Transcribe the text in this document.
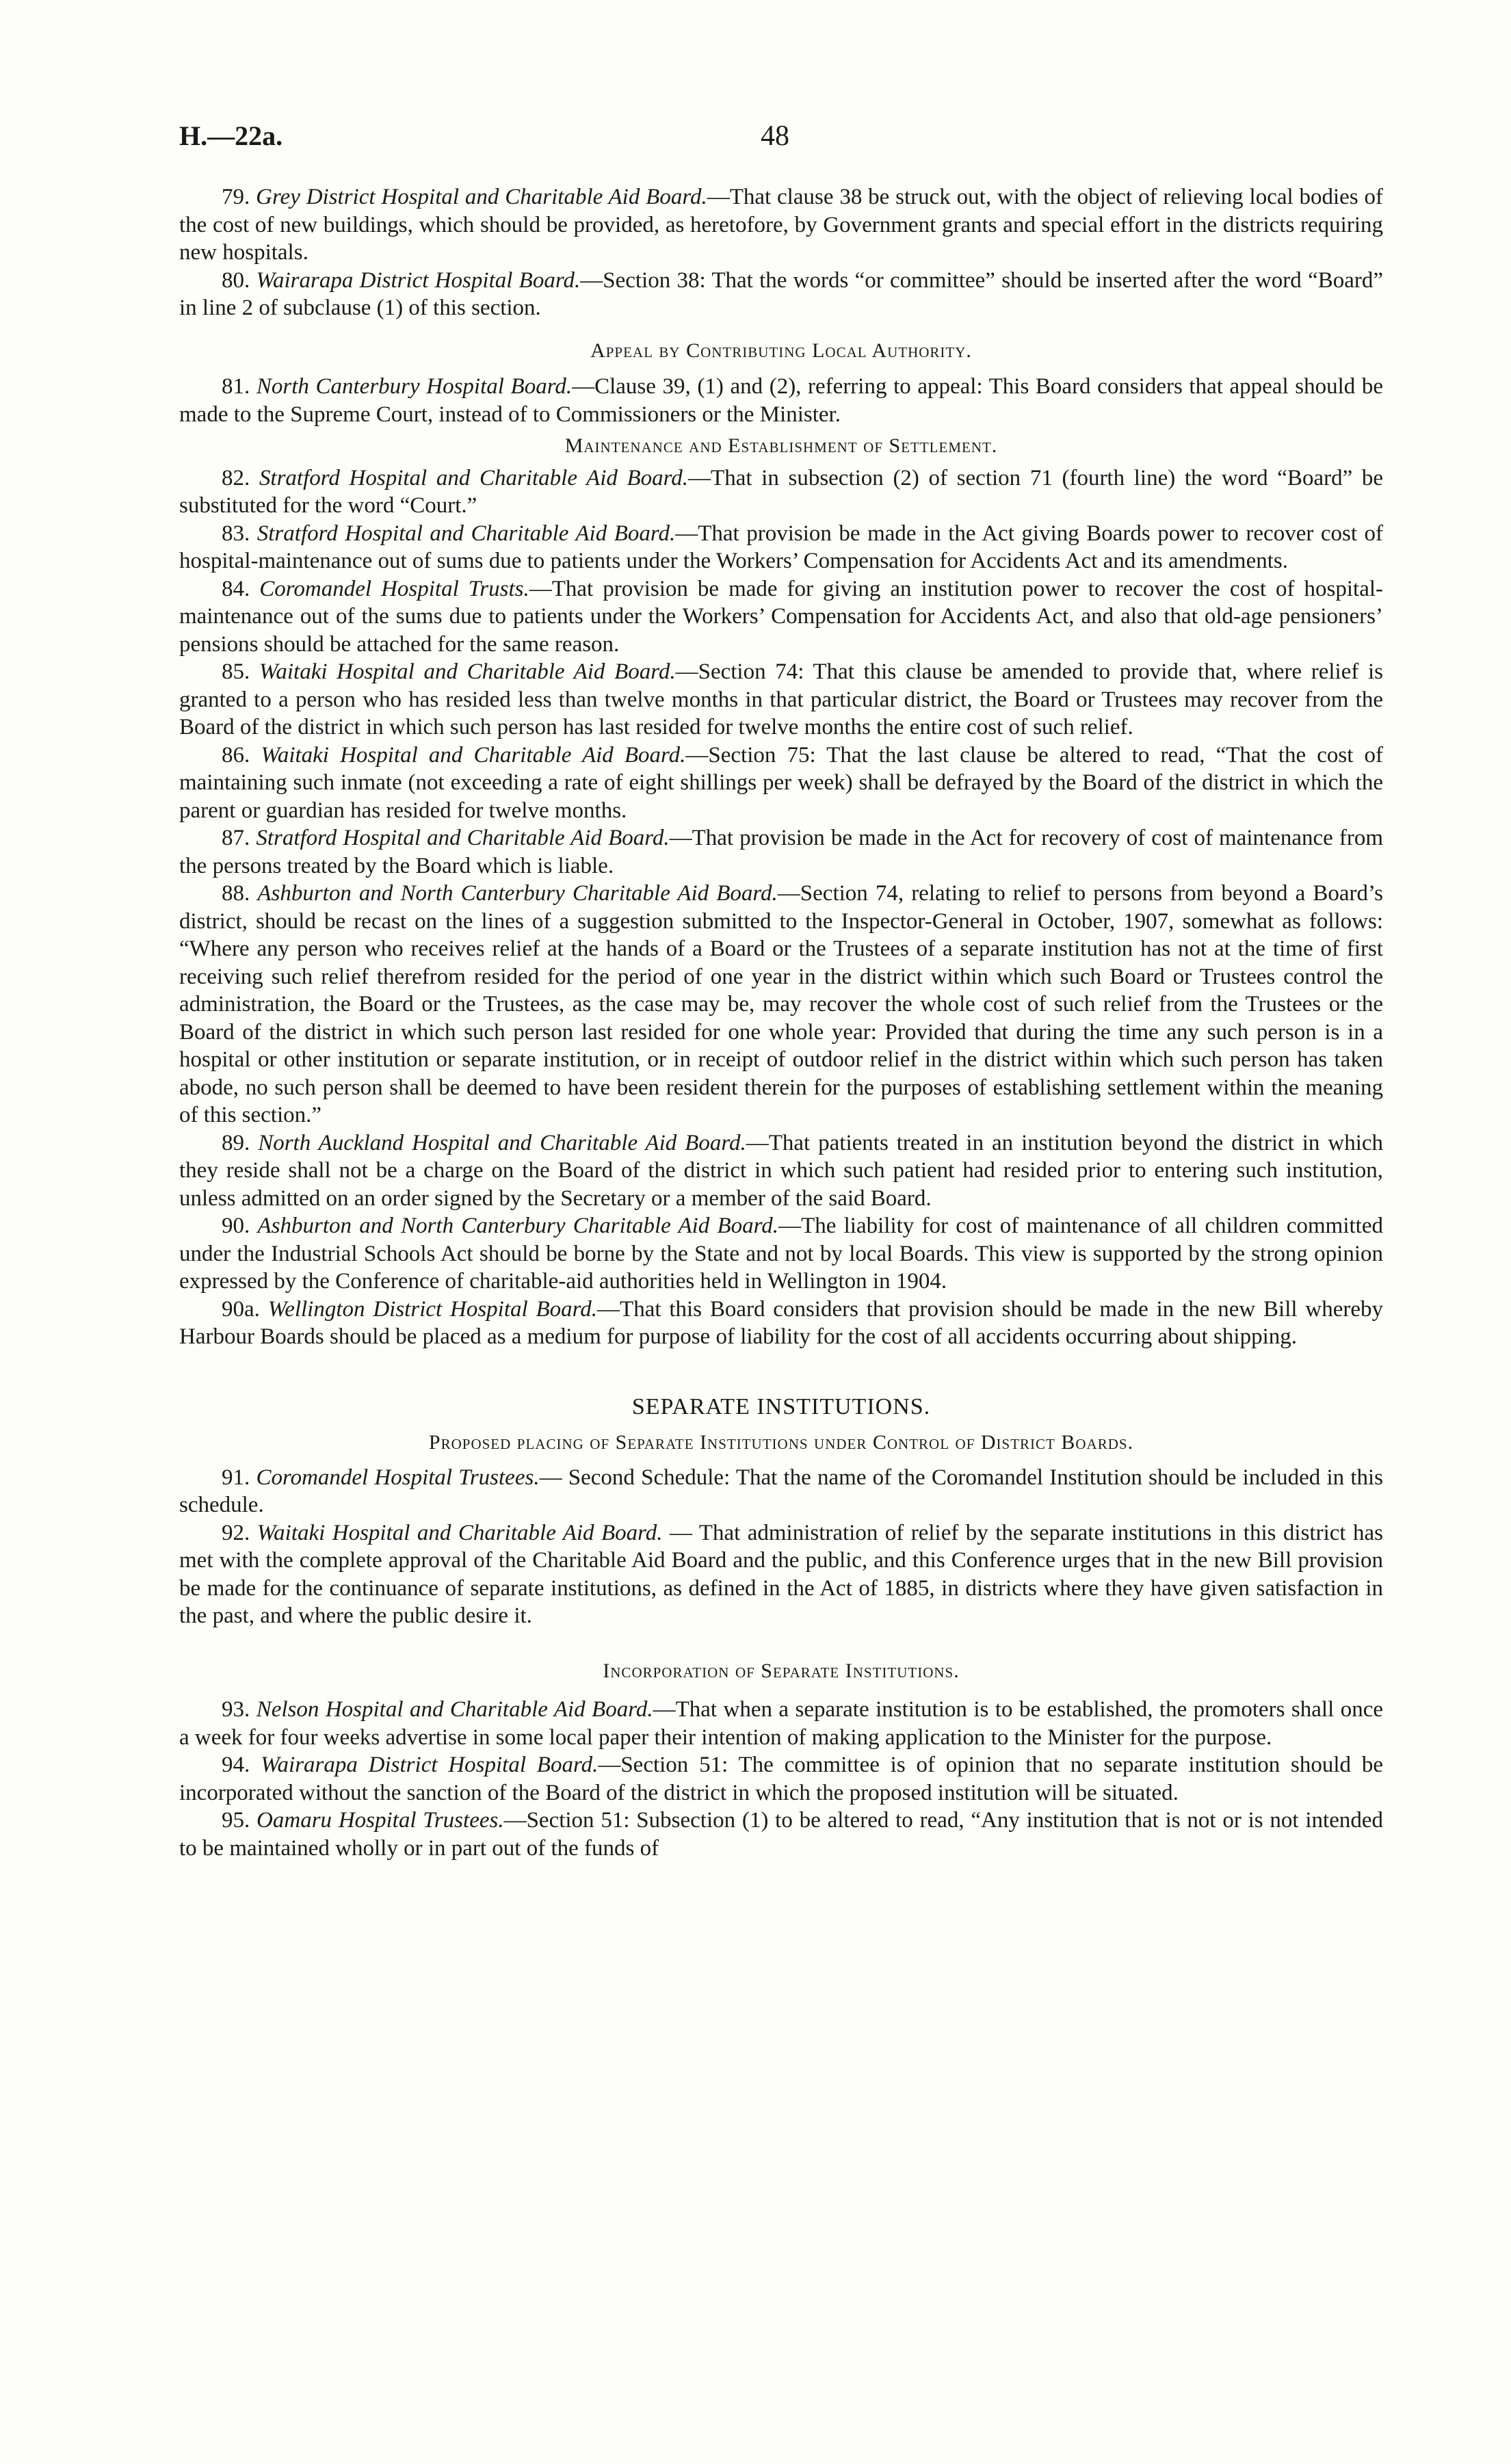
H.—22a.	48

79. Grey District Hospital and Charitable Aid Board.—That clause 38 be struck out, with the object of relieving local bodies of the cost of new buildings, which should be provided, as heretofore, by Government grants and special effort in the districts requiring new hospitals.

80. Wairarapa District Hospital Board.—Section 38: That the words “or committee” should be inserted after the word “Board” in line 2 of subclause (1) of this section.

Appeal by Contributing Local Authority.

81. North Canterbury Hospital Board.—Clause 39, (1) and (2), referring to appeal: This Board considers that appeal should be made to the Supreme Court, instead of to Commissioners or the Minister.

Maintenance and Establishment of Settlement.

82. Stratford Hospital and Charitable Aid Board.—That in subsection (2) of section 71 (fourth line) the word “Board” be substituted for the word “Court.”

83. Stratford Hospital and Charitable Aid Board.—That provision be made in the Act giving Boards power to recover cost of hospital-maintenance out of sums due to patients under the Workers’ Compensation for Accidents Act and its amendments.

84. Coromandel Hospital Trusts.—That provision be made for giving an institution power to recover the cost of hospital-maintenance out of the sums due to patients under the Workers’ Compensation for Accidents Act, and also that old-age pensioners’ pensions should be attached for the same reason.

85. Waitaki Hospital and Charitable Aid Board.—Section 74: That this clause be amended to provide that, where relief is granted to a person who has resided less than twelve months in that particular district, the Board or Trustees may recover from the Board of the district in which such person has last resided for twelve months the entire cost of such relief.

86. Waitaki Hospital and Charitable Aid Board.—Section 75: That the last clause be altered to read, “That the cost of maintaining such inmate (not exceeding a rate of eight shillings per week) shall be defrayed by the Board of the district in which the parent or guardian has resided for twelve months.

87. Stratford Hospital and Charitable Aid Board.—That provision be made in the Act for recovery of cost of maintenance from the persons treated by the Board which is liable.

88. Ashburton and North Canterbury Charitable Aid Board.—Section 74, relating to relief to persons from beyond a Board’s district, should be recast on the lines of a suggestion submitted to the Inspector-General in October, 1907, somewhat as follows: “Where any person who receives relief at the hands of a Board or the Trustees of a separate institution has not at the time of first receiving such relief therefrom resided for the period of one year in the district within which such Board or Trustees control the administration, the Board or the Trustees, as the case may be, may recover the whole cost of such relief from the Trustees or the Board of the district in which such person last resided for one whole year: Provided that during the time any such person is in a hospital or other institution or separate institution, or in receipt of outdoor relief in the district within which such person has taken abode, no such person shall be deemed to have been resident therein for the purposes of establishing settlement within the meaning of this section.”

89. North Auckland Hospital and Charitable Aid Board.—That patients treated in an institution beyond the district in which they reside shall not be a charge on the Board of the district in which such patient had resided prior to entering such institution, unless admitted on an order signed by the Secretary or a member of the said Board.

90. Ashburton and North Canterbury Charitable Aid Board.—The liability for cost of maintenance of all children committed under the Industrial Schools Act should be borne by the State and not by local Boards. This view is supported by the strong opinion expressed by the Conference of charitable-aid authorities held in Wellington in 1904.

90a. Wellington District Hospital Board.—That this Board considers that provision should be made in the new Bill whereby Harbour Boards should be placed as a medium for purpose of liability for the cost of all accidents occurring about shipping.

SEPARATE INSTITUTIONS.
Proposed placing of Separate Institutions under Control of District Boards.

91. Coromandel Hospital Trustees.— Second Schedule: That the name of the Coromandel Institution should be included in this schedule.

92. Waitaki Hospital and Charitable Aid Board. — That administration of relief by the separate institutions in this district has met with the complete approval of the Charitable Aid Board and the public, and this Conference urges that in the new Bill provision be made for the continuance of separate institutions, as defined in the Act of 1885, in districts where they have given satisfaction in the past, and where the public desire it.

Incorporation of Separate Institutions.

93. Nelson Hospital and Charitable Aid Board.—That when a separate institution is to be established, the promoters shall once a week for four weeks advertise in some local paper their intention of making application to the Minister for the purpose.

94. Wairarapa District Hospital Board.—Section 51: The committee is of opinion that no separate institution should be incorporated without the sanction of the Board of the district in which the proposed institution will be situated.

95. Oamaru Hospital Trustees.—Section 51: Subsection (1) to be altered to read, “Any institution that is not or is not intended to be maintained wholly or in part out of the funds of
